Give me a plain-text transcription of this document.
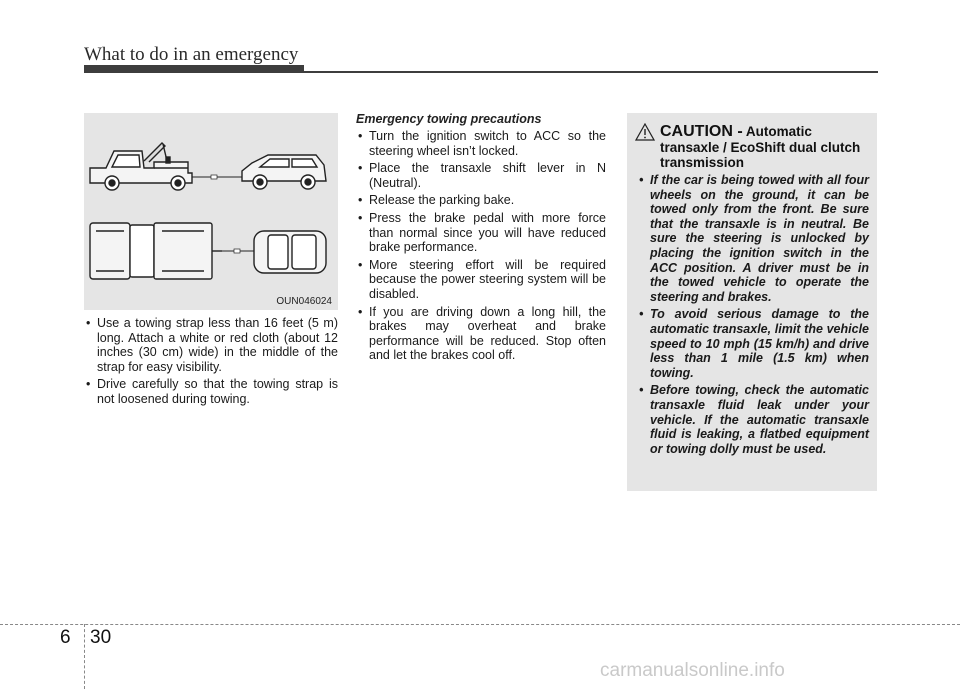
What to do in an emergency
OUN046024
• Use a towing strap less than 16 feet (5 m) long. Attach a white or red cloth (about 12 inches (30 cm) wide) in the middle of the strap for easy visibility.
• Drive carefully so that the towing strap is not loosened during towing.
Emergency towing precautions
• Turn the ignition switch to ACC so the steering wheel isn’t locked.
• Place the transaxle shift lever in N (Neutral).
• Release the parking bake.
• Press the brake pedal with more force than normal since you will have reduced brake performance.
• More steering effort will be required because the power steering system will be disabled.
• If you are driving down a long hill, the brakes may overheat and brake performance will be reduced. Stop often and let the brakes cool off.
CAUTION - Automatic transaxle / EcoShift dual clutch transmission
• If the car is being towed with all four wheels on the ground, it can be towed only from the front. Be sure that the transaxle is in neutral. Be sure the steering is unlocked by placing the ignition switch in the ACC position. A driver must be in the towed vehicle to operate the steering and brakes.
• To avoid serious damage to the automatic transaxle, limit the vehicle speed to 10 mph (15 km/h) and drive less than 1 mile (1.5 km) when towing.
• Before towing, check the automatic transaxle fluid leak under your vehicle. If the automatic transaxle fluid is leaking, a flatbed equipment or towing dolly must be used.
6 30
carmanualsonline.info
